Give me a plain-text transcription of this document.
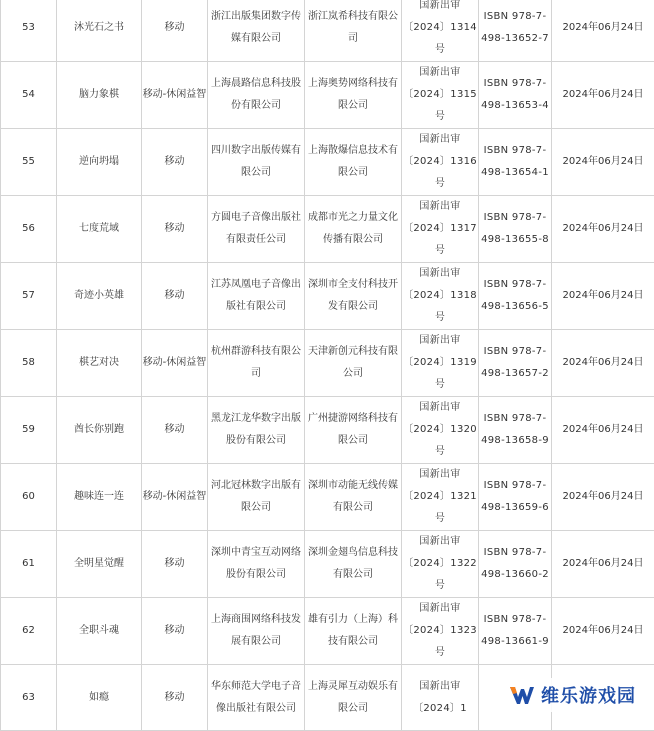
53	沐光石之书	移动	浙江出版集团数字传媒有限公司	浙江岚希科技有限公司	国新出审〔2024〕1314号	ISBN 978-7-498-13652-7	2024年06月24日
54	脑力象棋	移动-休闲益智	上海晨路信息科技股份有限公司	上海奥势网络科技有限公司	国新出审〔2024〕1315号	ISBN 978-7-498-13653-4	2024年06月24日
55	逆向坍塌	移动	四川数字出版传媒有限公司	上海散爆信息技术有限公司	国新出审〔2024〕1316号	ISBN 978-7-498-13654-1	2024年06月24日
56	七度荒域	移动	方圆电子音像出版社有限责任公司	成都市光之力量文化传播有限公司	国新出审〔2024〕1317号	ISBN 978-7-498-13655-8	2024年06月24日
57	奇迹小英雄	移动	江苏凤凰电子音像出版社有限公司	深圳市全支付科技开发有限公司	国新出审〔2024〕1318号	ISBN 978-7-498-13656-5	2024年06月24日
58	棋艺对决	移动-休闲益智	杭州群游科技有限公司	天津新创元科技有限公司	国新出审〔2024〕1319号	ISBN 978-7-498-13657-2	2024年06月24日
59	酋长你别跑	移动	黑龙江龙华数字出版股份有限公司	广州捷游网络科技有限公司	国新出审〔2024〕1320号	ISBN 978-7-498-13658-9	2024年06月24日
60	趣味连一连	移动-休闲益智	河北冠林数字出版有限公司	深圳市动能无线传媒有限公司	国新出审〔2024〕1321号	ISBN 978-7-498-13659-6	2024年06月24日
61	全明星觉醒	移动	深圳中青宝互动网络股份有限公司	深圳金翅鸟信息科技有限公司	国新出审〔2024〕1322号	ISBN 978-7-498-13660-2	2024年06月24日
62	全职斗魂	移动	上海商围网络科技发展有限公司	雄有引力（上海）科技有限公司	国新出审〔2024〕1323号	ISBN 978-7-498-13661-9	2024年06月24日
63	如瘾	移动	华东师范大学电子音像出版社有限公司	上海灵犀互动娱乐有限公司	国新出审〔2024〕1		
维乐游戏园
